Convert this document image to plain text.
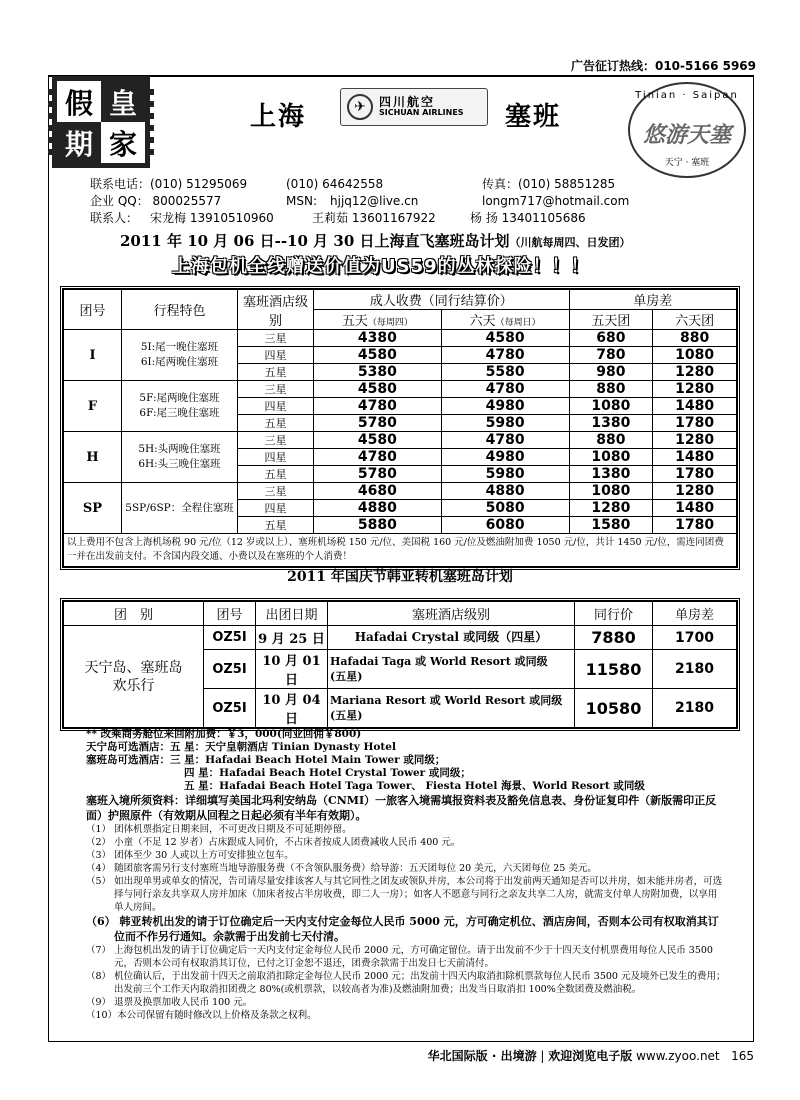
广告征订热线：010-5166 5969
假 皇
期 家
上海	✈	四川航空
SICHUAN AIRLINES 塞班
Tinian · Saipan
悠游天塞
天宁 · 塞班
联系电话： (010) 51295069	(010) 64642558	传真：(010) 58851285
企业 QQ： 800025577	MSN: hjjq12@live.cn	longm717@hotmail.com
联系人： 宋龙梅 13910510960	王莉茹 13601167922	杨 扬 13401105686
2011 年 10 月 06 日--10 月 30 日上海直飞塞班岛计划（川航每周四、日发团）
上海包机全线赠送价值为US59的丛林探险！！！
团号	行程特色	塞班酒店级别	成人收费（同行结算价）		单房差	
			五天（每周四）	六天（每周日）	五天团	六天团
I	5I:尾一晚住塞班
6I:尾两晚住塞班	三星	4380	4580	680	880
		四星	4580	4780	780	1080
		五星	5380	5580	980	1280
F	5F:尾两晚住塞班
6F:尾三晚住塞班	三星	4580	4780	880	1280
		四星	4780	4980	1080	1480
		五星	5780	5980	1380	1780
H	5H:头两晚住塞班
6H:头三晚住塞班	三星	4580	4780	880	1280
		四星	4780	4980	1080	1480
		五星	5780	5980	1380	1780
SP	5SP/6SP：全程住塞班	三星	4680	4880	1080	1280
		四星	4880	5080	1280	1480
		五星	5880	6080	1580	1780
以上费用不包含上海机场税 90 元/位（12 岁或以上）、塞班机场税 150 元/位、美国税 160 元/位及燃油附加费 1050 元/位，共计 1450 元/位，需连同团费一并在出发前支付。不含国内段交通、小费以及在塞班的个人消费！						
2011 年国庆节韩亚转机塞班岛计划
团　别	团号	出团日期	塞班酒店级别	同行价	单房差

天宁岛、塞班岛
欢乐行	OZ5I	9 月 25 日	Hafadai Crystal 或同级（四星）	7880	1700
	OZ5I	10 月 01 日	Hafadai Taga 或 World Resort 或同级
(五星)	11580	2180
	OZ5I	10 月 04 日	Mariana Resort 或 World Resort 或同级
(五星)	10580	2180
** 改乘商务舱位来回附加费：￥3，000(同业回佣￥800)
天宁岛可选酒店：五 星：天宁皇朝酒店 Tinian Dynasty Hotel
塞班岛可选酒店：三 星：Hafadai Beach Hotel Main Tower 或同级；
四 星：Hafadai Beach Hotel Crystal Tower 或同级；
五 星：Hafadai Beach Hotel Taga Tower、 Fiesta Hotel 海景、World Resort 或同级
塞班入境所须资料：详细填写美国北玛利安纳岛（CNMI）一旅客入境需填报资料表及豁免信息表、身份证复印件（新版需印正反面）护照原件（有效期从回程之日起必须有半年有效期）。
（1） 团体机票指定日期来回，不可更改日期及不可延期停留。
（2） 小童（不足 12 岁者）占床跟成人同价，不占床者按成人团费减收人民币 400 元。
（3） 团体至少 30 人或以上方可安排独立包车。
（4） 随团旅客需另行支付塞班当地导游服务费（不含领队服务费）给导游：五天团每位 20 美元，六天团每位 25 美元。
（5） 如出现单男或单女的情况，告司请尽量安排该客人与其它同性之团友或领队并房，本公司将于出发前两天通知是否可以并房，如未能并房者，可选择与同行亲友共享双人房并加床（加床者按占半房收费，即二人一房）；如客人不愿意与同行之亲友共享二人房，就需支付单人房附加费，以享用单人房间。
（6） 韩亚转机出发的请于订位确定后一天内支付定金每位人民币 5000 元，方可确定机位、酒店房间，否则本公司有权取消其订位而不作另行通知。余款需于出发前七天付清。
（7） 上海包机出发的请于订位确定后一天内支付定金每位人民币 2000 元，方可确定留位。请于出发前不少于十四天支付机票费用每位人民币 3500 元，否则本公司有权取消其订位，已付之订金恕不退还，团费余款需于出发日七天前清付。
（8） 机位确认后，于出发前十四天之前取消扣除定金每位人民币 2000 元；出发前十四天内取消扣除机票款每位人民币 3500 元及境外已发生的费用；出发前三个工作天内取消扣团费之 80%(或机票款，以较高者为准)及燃油附加费；出发当日取消扣 100%全数团费及燃油税。
（9） 退票及换票加收人民币 100 元。
（10）本公司保留有随时修改以上价格及条款之权利。
华北国际版 · 出境游 | 欢迎浏览电子版 www.zyoo.net 165
